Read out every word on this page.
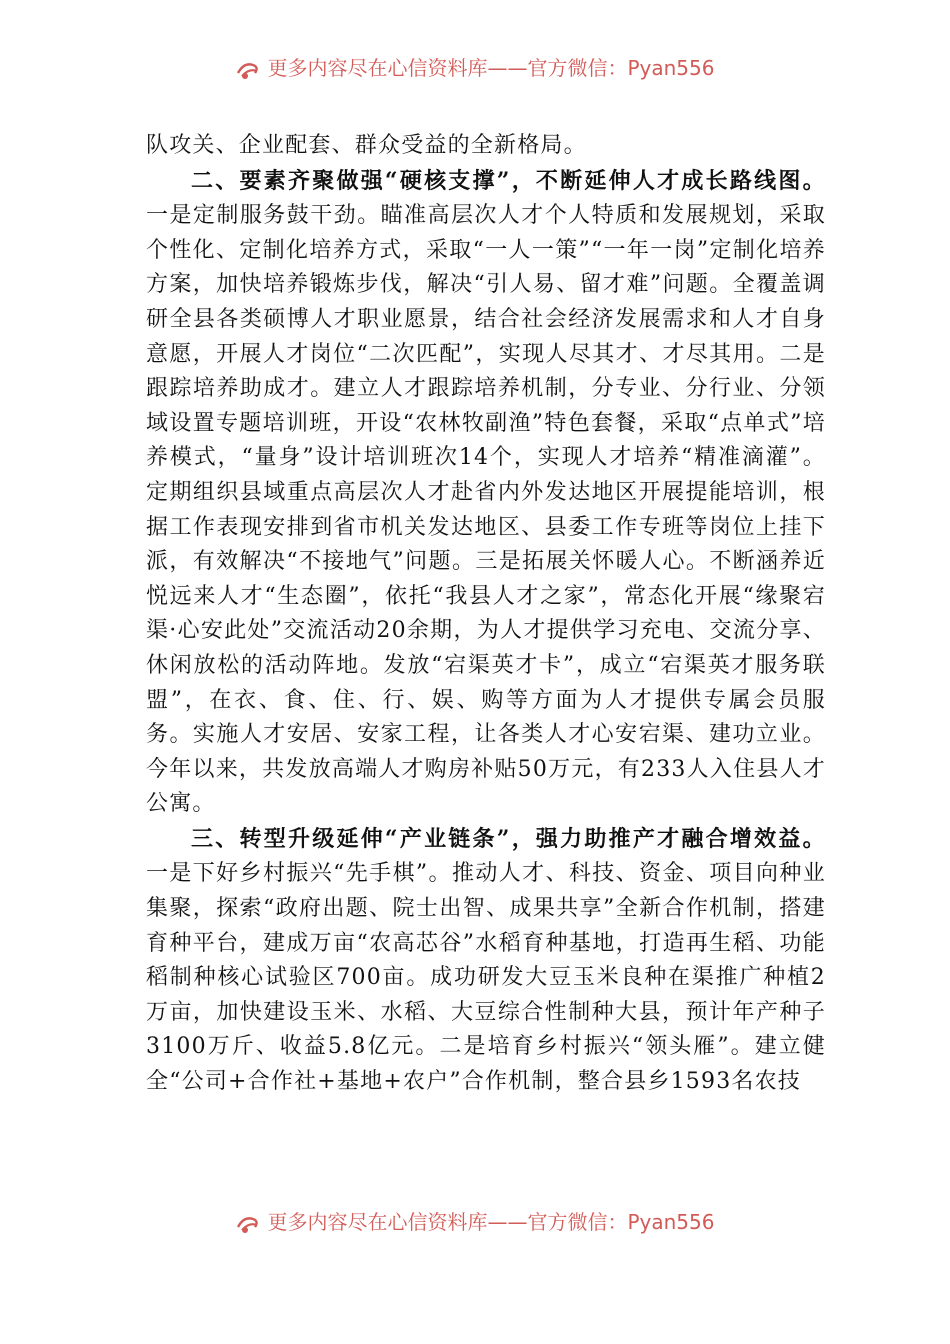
更多内容尽在心信资料库——官方微信：Pyan556

队攻关、企业配套、群众受益的全新格局。

二、要素齐聚做强“硬核支撑”，不断延伸人才成长路线图。一是定制服务鼓干劲。瞄准高层次人才个人特质和发展规划，采取个性化、定制化培养方式，采取“一人一策”“一年一岗”定制化培养方案，加快培养锻炼步伐，解决“引人易、留才难”问题。全覆盖调研全县各类硕博人才职业愿景，结合社会经济发展需求和人才自身意愿，开展人才岗位“二次匹配”，实现人尽其才、才尽其用。二是跟踪培养助成才。建立人才跟踪培养机制，分专业、分行业、分领域设置专题培训班，开设“农林牧副渔”特色套餐，采取“点单式”培养模式，“量身”设计培训班次14个，实现人才培养“精准滴灌”。定期组织县域重点高层次人才赴省内外发达地区开展提能培训，根据工作表现安排到省市机关发达地区、县委工作专班等岗位上挂下派，有效解决“不接地气”问题。三是拓展关怀暖人心。不断涵养近悦远来人才“生态圈”，依托“我县人才之家”，常态化开展“缘聚宕渠·心安此处”交流活动20余期，为人才提供学习充电、交流分享、休闲放松的活动阵地。发放“宕渠英才卡”，成立“宕渠英才服务联盟”，在衣、食、住、行、娱、购等方面为人才提供专属会员服务。实施人才安居、安家工程，让各类人才心安宕渠、建功立业。今年以来，共发放高端人才购房补贴50万元，有233人入住县人才公寓。

三、转型升级延伸“产业链条”，强力助推产才融合增效益。一是下好乡村振兴“先手棋”。推动人才、科技、资金、项目向种业集聚，探索“政府出题、院士出智、成果共享”全新合作机制，搭建育种平台，建成万亩“农高芯谷”水稻育种基地，打造再生稻、功能稻制种核心试验区700亩。成功研发大豆玉米良种在渠推广种植2万亩，加快建设玉米、水稻、大豆综合性制种大县，预计年产种子3100万斤、收益5.8亿元。二是培育乡村振兴“领头雁”。建立健全“公司+合作社+基地+农户”合作机制，整合县乡1593名农技

更多内容尽在心信资料库——官方微信：Pyan556
